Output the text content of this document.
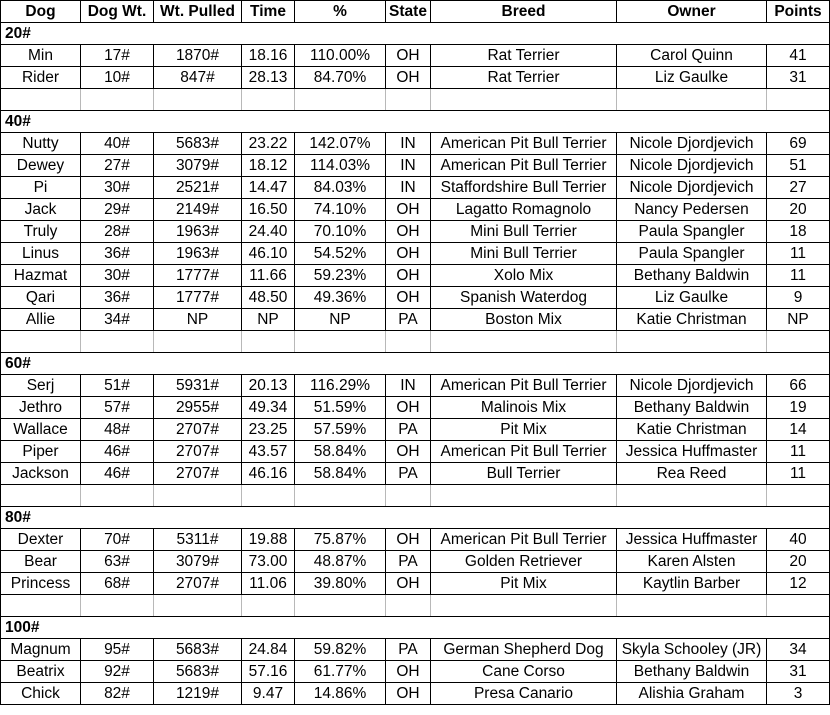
Dog	Dog Wt.	Wt. Pulled	Time	%	State	Breed	Owner	Points
20#								
Min	17#	1870#	18.16	110.00%	OH	Rat Terrier	Carol Quinn	41
Rider	10#	847#	28.13	84.70%	OH	Rat Terrier	Liz Gaulke	31

40#								
Nutty	40#	5683#	23.22	142.07%	IN	American Pit Bull Terrier	Nicole Djordjevich	69
Dewey	27#	3079#	18.12	114.03%	IN	American Pit Bull Terrier	Nicole Djordjevich	51
Pi	30#	2521#	14.47	84.03%	IN	Staffordshire Bull Terrier	Nicole Djordjevich	27
Jack	29#	2149#	16.50	74.10%	OH	Lagatto Romagnolo	Nancy Pedersen	20
Truly	28#	1963#	24.40	70.10%	OH	Mini Bull Terrier	Paula Spangler	18
Linus	36#	1963#	46.10	54.52%	OH	Mini Bull Terrier	Paula Spangler	11
Hazmat	30#	1777#	11.66	59.23%	OH	Xolo Mix	Bethany Baldwin	11
Qari	36#	1777#	48.50	49.36%	OH	Spanish Waterdog	Liz Gaulke	9
Allie	34#	NP	NP	NP	PA	Boston Mix	Katie Christman	NP

60#								
Serj	51#	5931#	20.13	116.29%	IN	American Pit Bull Terrier	Nicole Djordjevich	66
Jethro	57#	2955#	49.34	51.59%	OH	Malinois Mix	Bethany Baldwin	19
Wallace	48#	2707#	23.25	57.59%	PA	Pit Mix	Katie Christman	14
Piper	46#	2707#	43.57	58.84%	OH	American Pit Bull Terrier	Jessica Huffmaster	11
Jackson	46#	2707#	46.16	58.84%	PA	Bull Terrier	Rea Reed	11

80#								
Dexter	70#	5311#	19.88	75.87%	OH	American Pit Bull Terrier	Jessica Huffmaster	40
Bear	63#	3079#	73.00	48.87%	PA	Golden Retriever	Karen Alsten	20
Princess	68#	2707#	11.06	39.80%	OH	Pit Mix	Kaytlin Barber	12

100#								
Magnum	95#	5683#	24.84	59.82%	PA	German Shepherd Dog	Skyla Schooley (JR)	34
Beatrix	92#	5683#	57.16	61.77%	OH	Cane Corso	Bethany Baldwin	31
Chick	82#	1219#	9.47	14.86%	OH	Presa Canario	Alishia Graham	3
